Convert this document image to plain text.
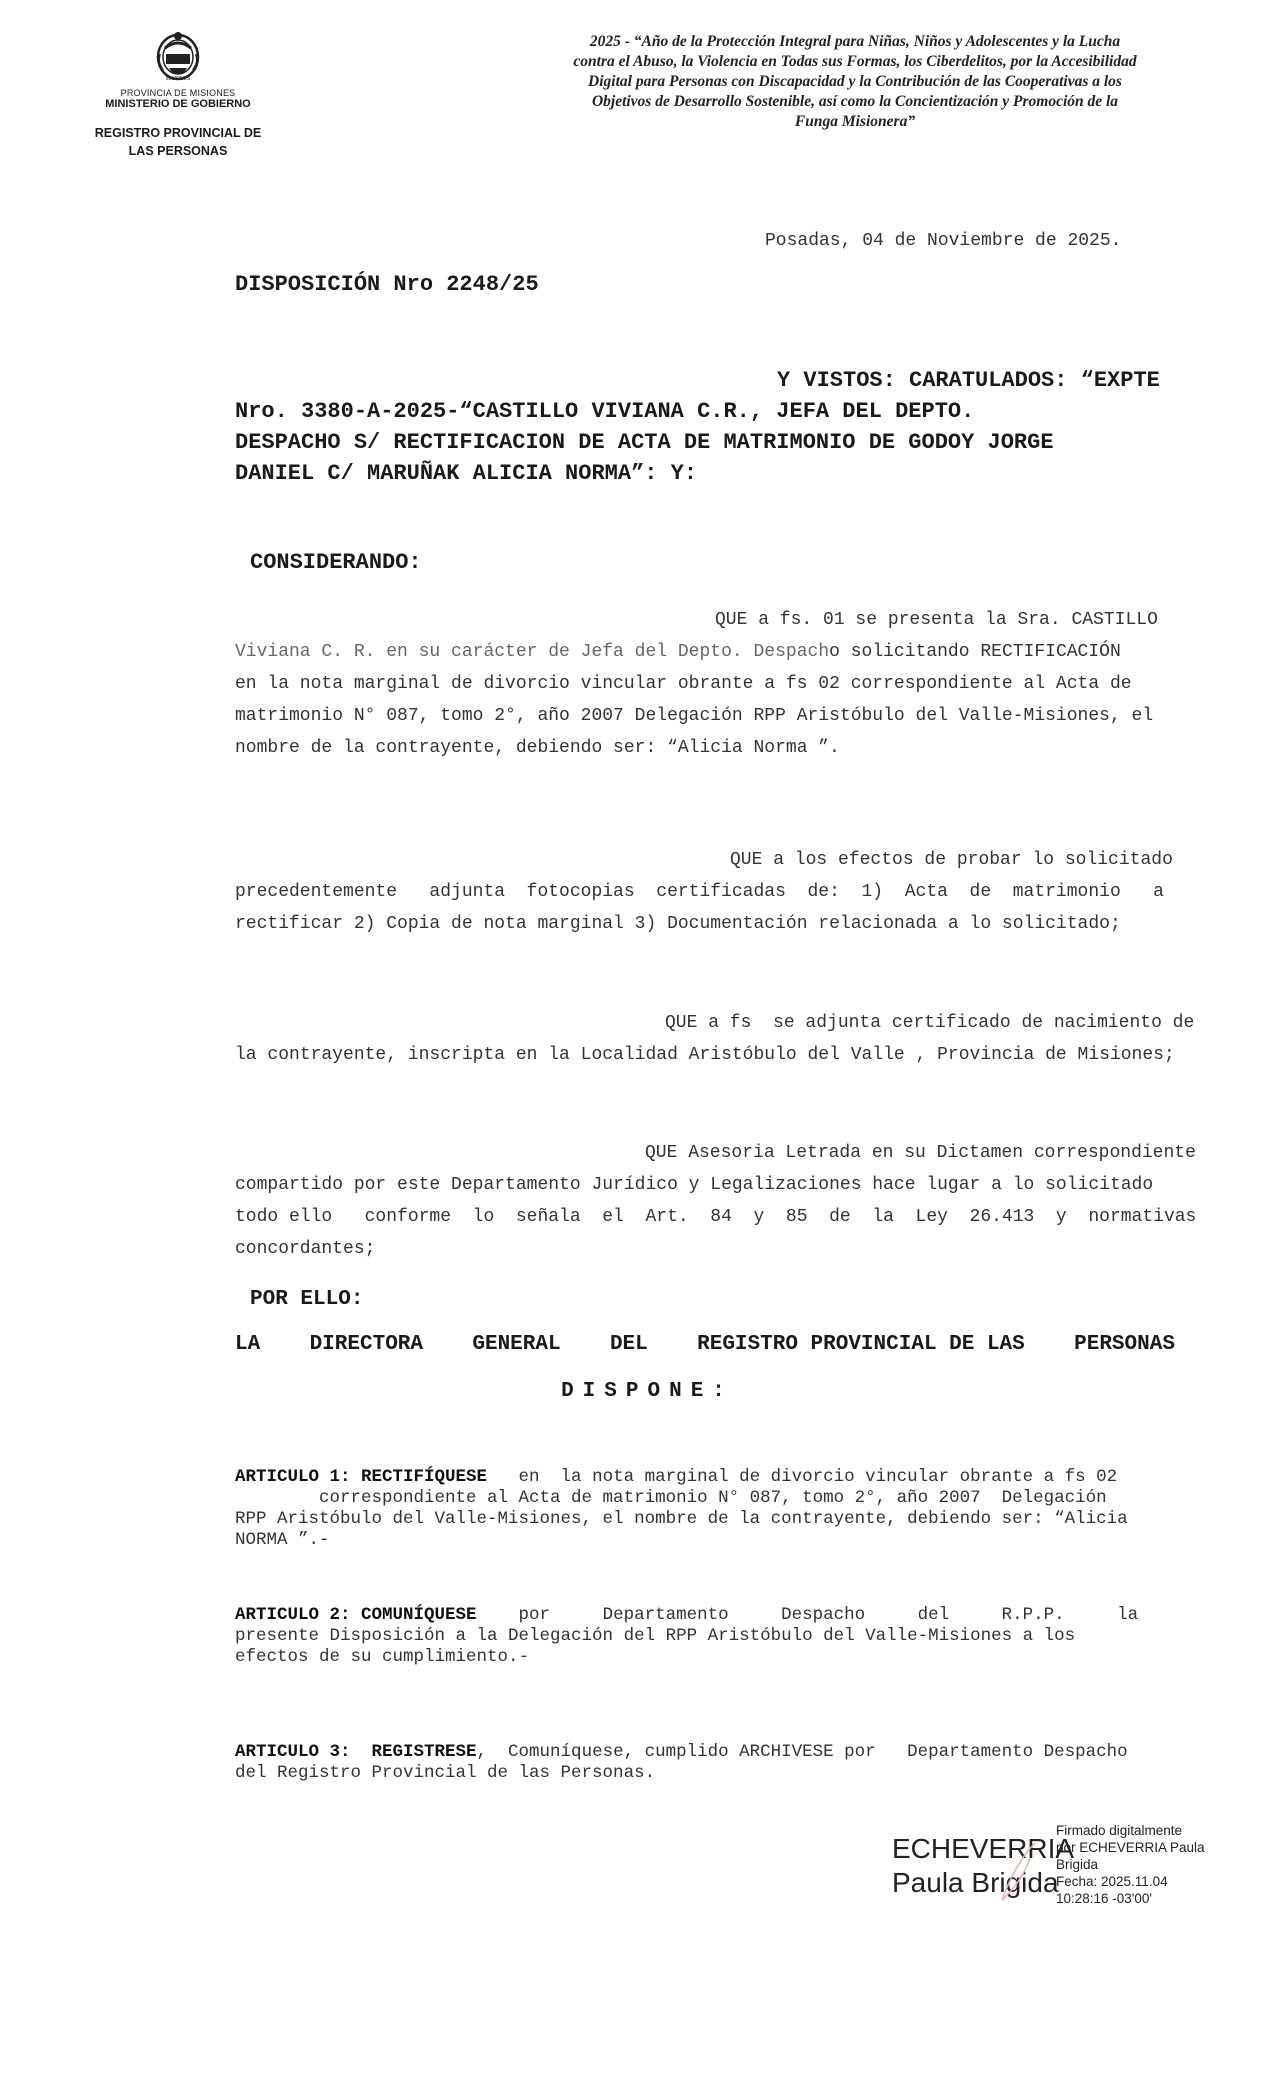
MISIONES
PROVINCIA DE MISIONES
MINISTERIO DE GOBIERNO
REGISTRO PROVINCIAL DE
LAS PERSONAS
2025 - “Año de la Protección Integral para Niñas, Niños y Adolescentes y la Lucha
contra el Abuso, la Violencia en Todas sus Formas, los Ciberdelitos, por la Accesibilidad
Digital para Personas con Discapacidad y la Contribución de las Cooperativas a los
Objetivos de Desarrollo Sostenible, así como la Concientización y Promoción de la
Funga Misionera”
Posadas, 04 de Noviembre de 2025.
DISPOSICIÓN Nro 2248/25
Y VISTOS: CARATULADOS: “EXPTE
Nro. 3380-A-2025-“CASTILLO VIVIANA C.R., JEFA DEL DEPTO.
DESPACHO S/ RECTIFICACION DE ACTA DE MATRIMONIO DE GODOY JORGE
DANIEL C/ MARUÑAK ALICIA NORMA”: Y:
CONSIDERANDO:
QUE a fs. 01 se presenta la Sra. CASTILLO
Viviana C. R. en su carácter de Jefa del Depto. Despacho solicitando RECTIFICACIÓN
en la nota marginal de divorcio vincular obrante a fs 02 correspondiente al Acta de
matrimonio N° 087, tomo 2°, año 2007 Delegación RPP Aristóbulo del Valle-Misiones, el
nombre de la contrayente, debiendo ser: “Alicia Norma ”.
QUE a los efectos de probar lo solicitado
precedentemente   adjunta  fotocopias  certificadas  de:  1)  Acta  de  matrimonio   a
rectificar 2) Copia de nota marginal 3) Documentación relacionada a lo solicitado;
QUE a fs  se adjunta certificado de nacimiento de
la contrayente, inscripta en la Localidad Aristóbulo del Valle , Provincia de Misiones;
QUE Asesoria Letrada en su Dictamen correspondiente
compartido por este Departamento Jurídico y Legalizaciones hace lugar a lo solicitado
todo ello   conforme  lo  señala  el  Art.  84  y  85  de  la  Ley  26.413  y  normativas
concordantes;
POR ELLO:
LA DIRECTORA GENERAL DEL REGISTRO PROVINCIAL DE LAS PERSONAS
DISPONE:
ARTICULO 1: RECTIFÍQUESE   en  la nota marginal de divorcio vincular obrante a fs 02
correspondiente al Acta de matrimonio N° 087, tomo 2°, año 2007  Delegación
RPP Aristóbulo del Valle-Misiones, el nombre de la contrayente, debiendo ser: “Alicia
NORMA ”.-
ARTICULO 2: COMUNÍQUESE    por     Departamento     Despacho     del     R.P.P.     la
presente Disposición a la Delegación del RPP Aristóbulo del Valle-Misiones a los
efectos de su cumplimiento.-
ARTICULO 3:  REGISTRESE,  Comuníquese, cumplido ARCHIVESE por   Departamento Despacho
del Registro Provincial de las Personas.
ECHEVERRIA
Paula Brigida
Firmado digitalmente
por ECHEVERRIA Paula
Brigida
Fecha: 2025.11.04
10:28:16 -03'00'
